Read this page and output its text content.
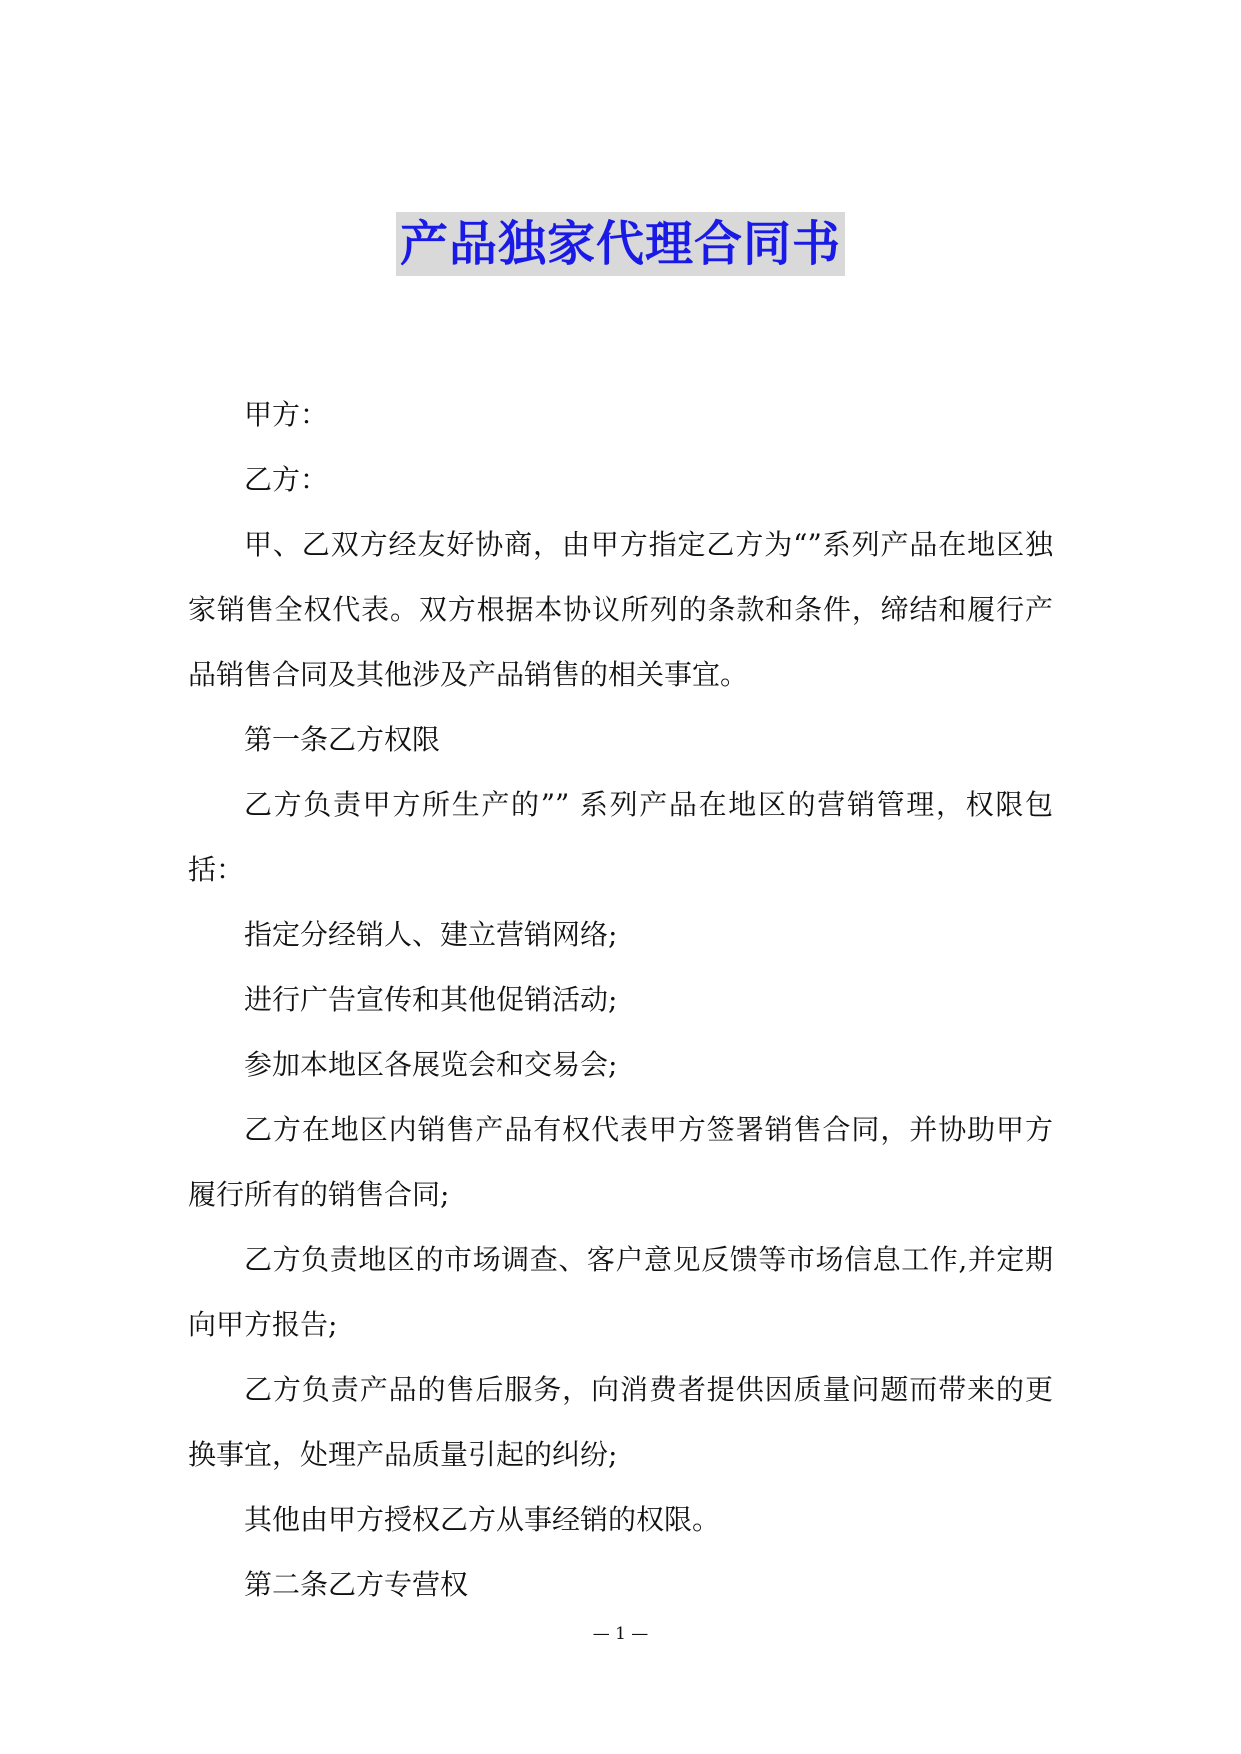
产品独家代理合同书

甲方：

乙方：

甲、乙双方经友好协商，由甲方指定乙方为“”系列产品在地区独家销售全权代表。双方根据本协议所列的条款和条件，缔结和履行产品销售合同及其他涉及产品销售的相关事宜。

第一条乙方权限

乙方负责甲方所生产的”” 系列产品在地区的营销管理，权限包括：

指定分经销人、建立营销网络;

进行广告宣传和其他促销活动;

参加本地区各展览会和交易会;

乙方在地区内销售产品有权代表甲方签署销售合同，并协助甲方履行所有的销售合同;

乙方负责地区的市场调查、客户意见反馈等市场信息工作,并定期向甲方报告;

乙方负责产品的售后服务，向消费者提供因质量问题而带来的更换事宜，处理产品质量引起的纠纷;

其他由甲方授权乙方从事经销的权限。

第二条乙方专营权

— 1 —
